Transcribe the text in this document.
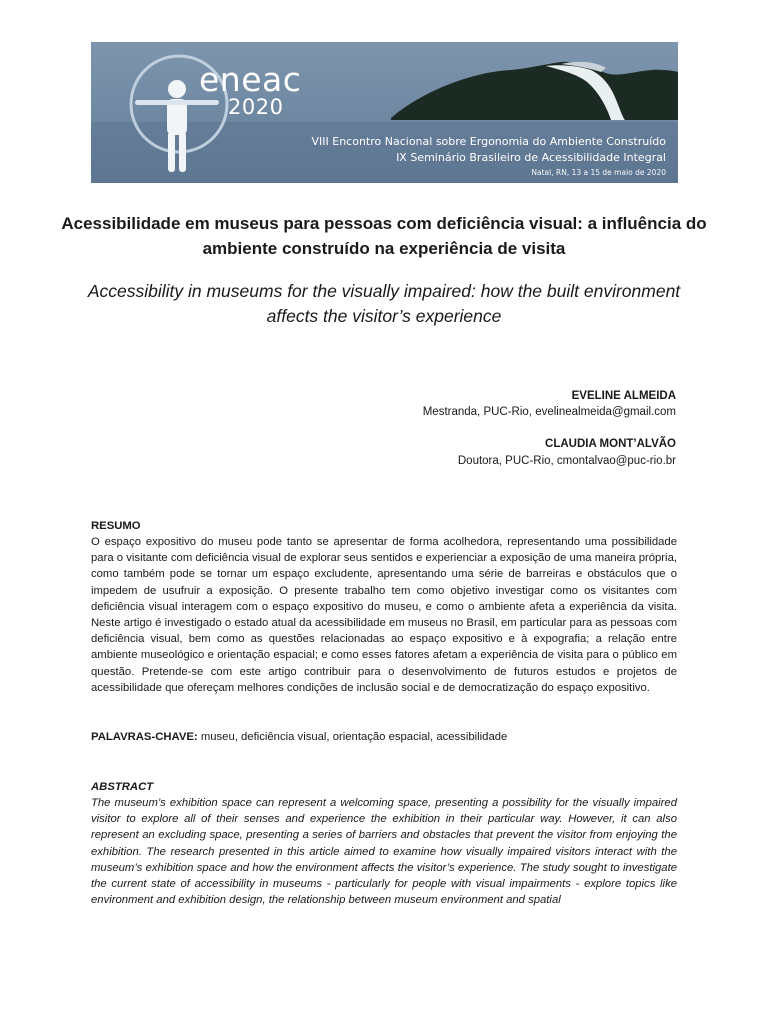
eneac
2020
VIII Encontro Nacional sobre Ergonomia do Ambiente Construído
IX Seminário Brasileiro de Acessibilidade Integral
Natal, RN, 13 a 15 de maio de 2020
Acessibilidade em museus para pessoas com deficiência visual: a influência do ambiente construído na experiência de visita
Accessibility in museums for the visually impaired: how the built environment affects the visitor’s experience
EVELINE ALMEIDA
Mestranda, PUC-Rio, evelinealmeida@gmail.com
CLAUDIA MONT’ALVÃO
Doutora, PUC-Rio, cmontalvao@puc-rio.br
RESUMO
O espaço expositivo do museu pode tanto se apresentar de forma acolhedora, representando uma possibilidade para o visitante com deficiência visual de explorar seus sentidos e experienciar a exposição de uma maneira própria, como também pode se tornar um espaço excludente, apresentando uma série de barreiras e obstáculos que o impedem de usufruir a exposição. O presente trabalho tem como objetivo investigar como os visitantes com deficiência visual interagem com o espaço expositivo do museu, e como o ambiente afeta a experiência da visita. Neste artigo é investigado o estado atual da acessibilidade em museus no Brasil, em particular para as pessoas com deficiência visual, bem como as questões relacionadas ao espaço expositivo e à expografia; a relação entre ambiente museológico e orientação espacial; e como esses fatores afetam a experiência de visita para o público em questão. Pretende-se com este artigo contribuir para o desenvolvimento de futuros estudos e projetos de acessibilidade que ofereçam melhores condições de inclusão social e de democratização do espaço expositivo.
PALAVRAS-CHAVE: museu, deficiência visual, orientação espacial, acessibilidade
ABSTRACT
The museum’s exhibition space can represent a welcoming space, presenting a possibility for the visually impaired visitor to explore all of their senses and experience the exhibition in their particular way. However, it can also represent an excluding space, presenting a series of barriers and obstacles that prevent the visitor from enjoying the exhibition. The research presented in this article aimed to examine how visually impaired visitors interact with the museum’s exhibition space and how the environment affects the visitor’s experience. The study sought to investigate the current state of accessibility in museums - particularly for people with visual impairments - explore topics like environment and exhibition design, the relationship between museum environment and spatial
